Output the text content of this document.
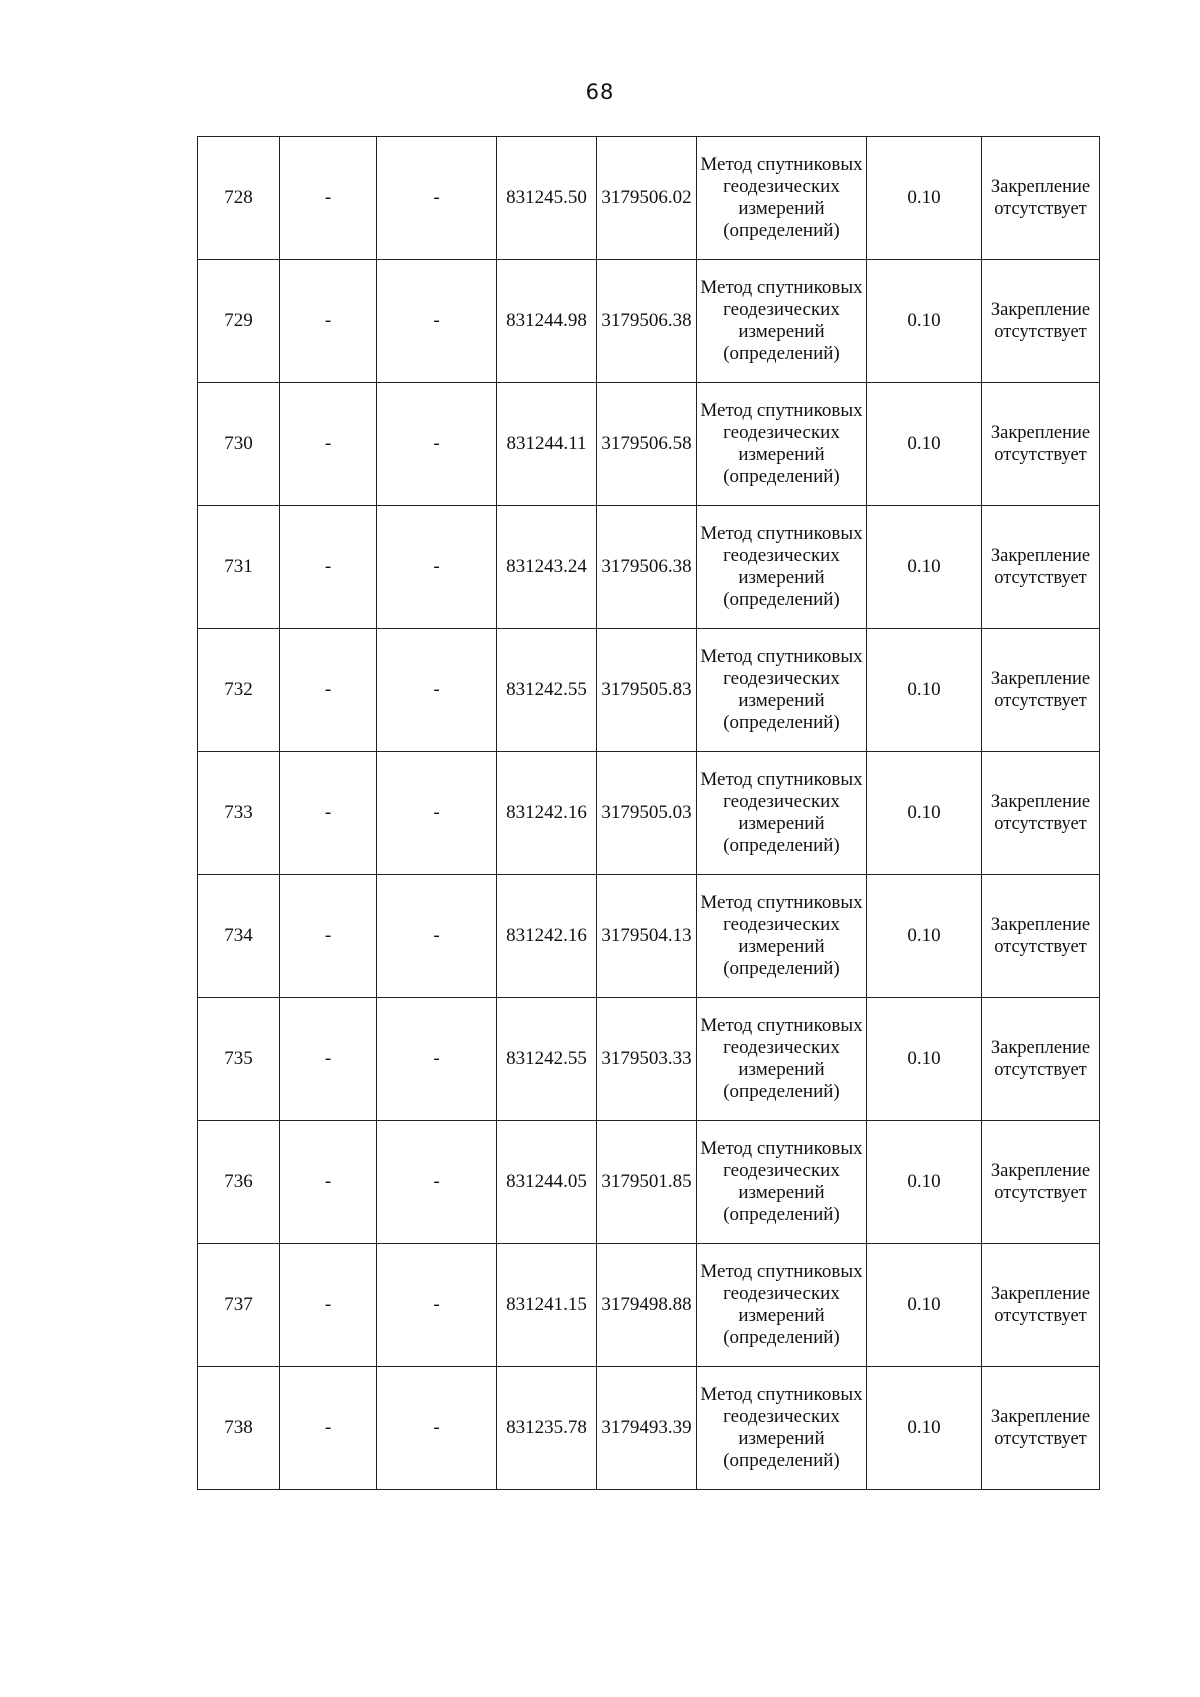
68
728	-	-	831245.50	3179506.02	Метод спутниковых геодезических измерений (определений)	0.10	Закрепление отсутствует
729	-	-	831244.98	3179506.38	Метод спутниковых геодезических измерений (определений)	0.10	Закрепление отсутствует
730	-	-	831244.11	3179506.58	Метод спутниковых геодезических измерений (определений)	0.10	Закрепление отсутствует
731	-	-	831243.24	3179506.38	Метод спутниковых геодезических измерений (определений)	0.10	Закрепление отсутствует
732	-	-	831242.55	3179505.83	Метод спутниковых геодезических измерений (определений)	0.10	Закрепление отсутствует
733	-	-	831242.16	3179505.03	Метод спутниковых геодезических измерений (определений)	0.10	Закрепление отсутствует
734	-	-	831242.16	3179504.13	Метод спутниковых геодезических измерений (определений)	0.10	Закрепление отсутствует
735	-	-	831242.55	3179503.33	Метод спутниковых геодезических измерений (определений)	0.10	Закрепление отсутствует
736	-	-	831244.05	3179501.85	Метод спутниковых геодезических измерений (определений)	0.10	Закрепление отсутствует
737	-	-	831241.15	3179498.88	Метод спутниковых геодезических измерений (определений)	0.10	Закрепление отсутствует
738	-	-	831235.78	3179493.39	Метод спутниковых геодезических измерений (определений)	0.10	Закрепление отсутствует
